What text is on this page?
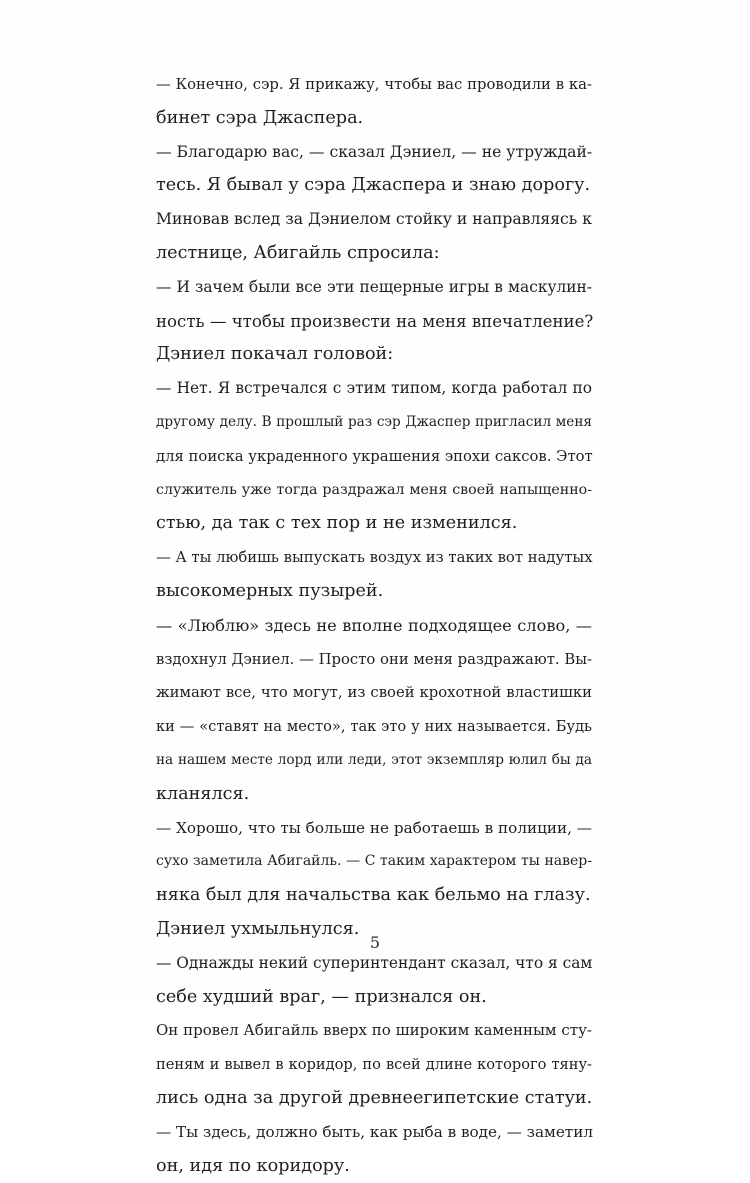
— Конечно, сэр. Я прикажу, чтобы вас проводили в ка-
бинет сэра Джаспера.
— Благодарю вас, — сказал Дэниел, — не утруждай-
тесь. Я бывал у сэра Джаспера и знаю дорогу.
Миновав вслед за Дэниелом стойку и направляясь к
лестнице, Абигайль спросила:
— И зачем были все эти пещерные игры в маскулин-
ность — чтобы произвести на меня впечатление?
Дэниел покачал головой:
— Нет. Я встречался с этим типом, когда работал по
другому делу. В прошлый раз сэр Джаспер пригласил меня
для поиска украденного украшения эпохи саксов. Этот
служитель уже тогда раздражал меня своей напыщенно-
стью, да так с тех пор и не изменился.
— А ты любишь выпускать воздух из таких вот надутых
высокомерных пузырей.
— «Люблю» здесь не вполне подходящее слово, —
вздохнул Дэниел. — Просто они меня раздражают. Вы-
жимают все, что могут, из своей крохотной властишки
ки — «ставят на место», так это у них называется. Будь
на нашем месте лорд или леди, этот экземпляр юлил бы да
кланялся.
— Хорошо, что ты больше не работаешь в полиции, —
сухо заметила Абигайль. — С таким характером ты навер-
няка был для начальства как бельмо на глазу.
Дэниел ухмыльнулся.
— Однажды некий суперинтендант сказал, что я сам
себе худший враг, — признался он.
Он провел Абигайль вверх по широким каменным сту-
пеням и вывел в коридор, по всей длине которого тяну-
лись одна за другой древнеегипетские статуи.
— Ты здесь, должно быть, как рыба в воде, — заметил
он, идя по коридору.
5
